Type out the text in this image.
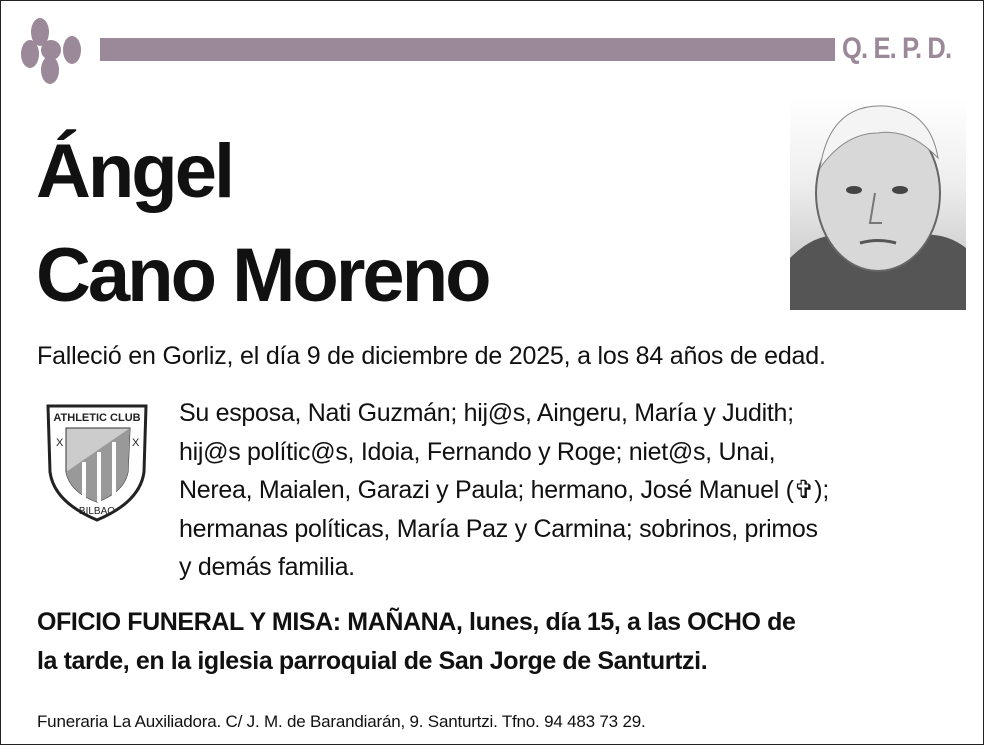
Q. E. P. D.
Ángel
Cano Moreno
Falleció en Gorliz, el día 9 de diciembre de 2025, a los 84 años de edad.
ATHLETIC CLUB
X	X
BILBAO
Su esposa, Nati Guzmán; hij@s, Aingeru, María y Judith;
hij@s polític@s, Idoia, Fernando y Roge; niet@s, Unai,
Nerea, Maialen, Garazi y Paula; hermano, José Manuel (✞);
hermanas políticas, María Paz y Carmina; sobrinos, primos
y demás familia.
OFICIO FUNERAL Y MISA: MAÑANA, lunes, día 15, a las OCHO de
la tarde, en la iglesia parroquial de San Jorge de Santurtzi.
Funeraria La Auxiliadora. C/ J. M. de Barandiarán, 9. Santurtzi. Tfno. 94 483 73 29.
